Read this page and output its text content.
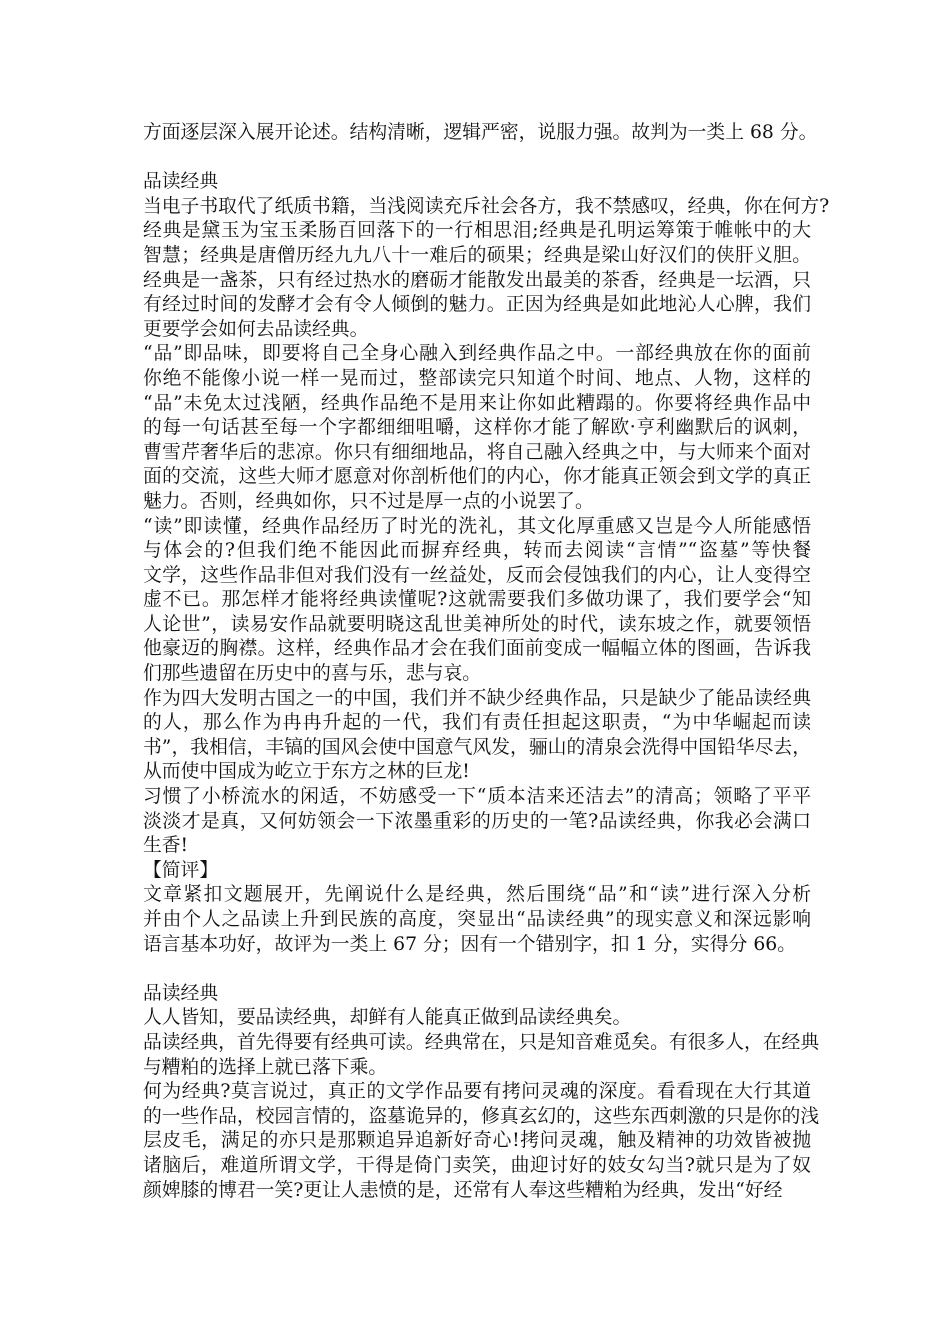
方面逐层深入展开论述。结构清晰，逻辑严密，说服力强。故判为一类上 68 分。
品读经典
当电子书取代了纸质书籍，当浅阅读充斥社会各方，我不禁感叹，经典，你在何方?
经典是黛玉为宝玉柔肠百回落下的一行相思泪;经典是孔明运筹策于帷帐中的大
智慧；经典是唐僧历经九九八十一难后的硕果；经典是梁山好汉们的侠肝义胆。
经典是一盏茶，只有经过热水的磨砺才能散发出最美的茶香，经典是一坛酒，只
有经过时间的发酵才会有令人倾倒的魅力。正因为经典是如此地沁人心脾，我们
更要学会如何去品读经典。
“品”即品味，即要将自己全身心融入到经典作品之中。一部经典放在你的面前
你绝不能像小说一样一晃而过，整部读完只知道个时间、地点、人物，这样的
“品”未免太过浅陋，经典作品绝不是用来让你如此糟蹋的。你要将经典作品中
的每一句话甚至每一个字都细细咀嚼，这样你才能了解欧·亨利幽默后的讽刺，
曹雪芹奢华后的悲凉。你只有细细地品，将自己融入经典之中，与大师来个面对
面的交流，这些大师才愿意对你剖析他们的内心，你才能真正领会到文学的真正
魅力。否则，经典如你，只不过是厚一点的小说罢了。
“读”即读懂，经典作品经历了时光的洗礼，其文化厚重感又岂是今人所能感悟
与体会的?但我们绝不能因此而摒弃经典，转而去阅读“言情”“盗墓”等快餐
文学，这些作品非但对我们没有一丝益处，反而会侵蚀我们的内心，让人变得空
虚不已。那怎样才能将经典读懂呢?这就需要我们多做功课了，我们要学会“知
人论世”，读易安作品就要明晓这乱世美神所处的时代，读东坡之作，就要领悟
他豪迈的胸襟。这样，经典作品才会在我们面前变成一幅幅立体的图画，告诉我
们那些遗留在历史中的喜与乐，悲与哀。
作为四大发明古国之一的中国，我们并不缺少经典作品，只是缺少了能品读经典
的人，那么作为冉冉升起的一代，我们有责任担起这职责，“为中华崛起而读
书”，我相信，丰镐的国风会使中国意气风发，骊山的清泉会洗得中国铅华尽去，
从而使中国成为屹立于东方之林的巨龙!
习惯了小桥流水的闲适，不妨感受一下“质本洁来还洁去”的清高；领略了平平
淡淡才是真，又何妨领会一下浓墨重彩的历史的一笔?品读经典，你我必会满口
生香!
【简评】
文章紧扣文题展开，先阐说什么是经典，然后围绕“品”和“读”进行深入分析
并由个人之品读上升到民族的高度，突显出“品读经典”的现实意义和深远影响
语言基本功好，故评为一类上 67 分；因有一个错别字，扣 1 分，实得分 66。
品读经典
人人皆知，要品读经典，却鲜有人能真正做到品读经典矣。
品读经典，首先得要有经典可读。经典常在，只是知音难觅矣。有很多人，在经典
与糟粕的选择上就已落下乘。
何为经典?莫言说过，真正的文学作品要有拷问灵魂的深度。看看现在大行其道
的一些作品，校园言情的，盗墓诡异的，修真玄幻的，这些东西刺激的只是你的浅
层皮毛，满足的亦只是那颗追异追新好奇心!拷问灵魂，触及精神的功效皆被抛
诸脑后，难道所谓文学，干得是倚门卖笑，曲迎讨好的妓女勾当?就只是为了奴
颜婢膝的博君一笑?更让人恚愤的是，还常有人奉这些糟粕为经典，发出“好经
